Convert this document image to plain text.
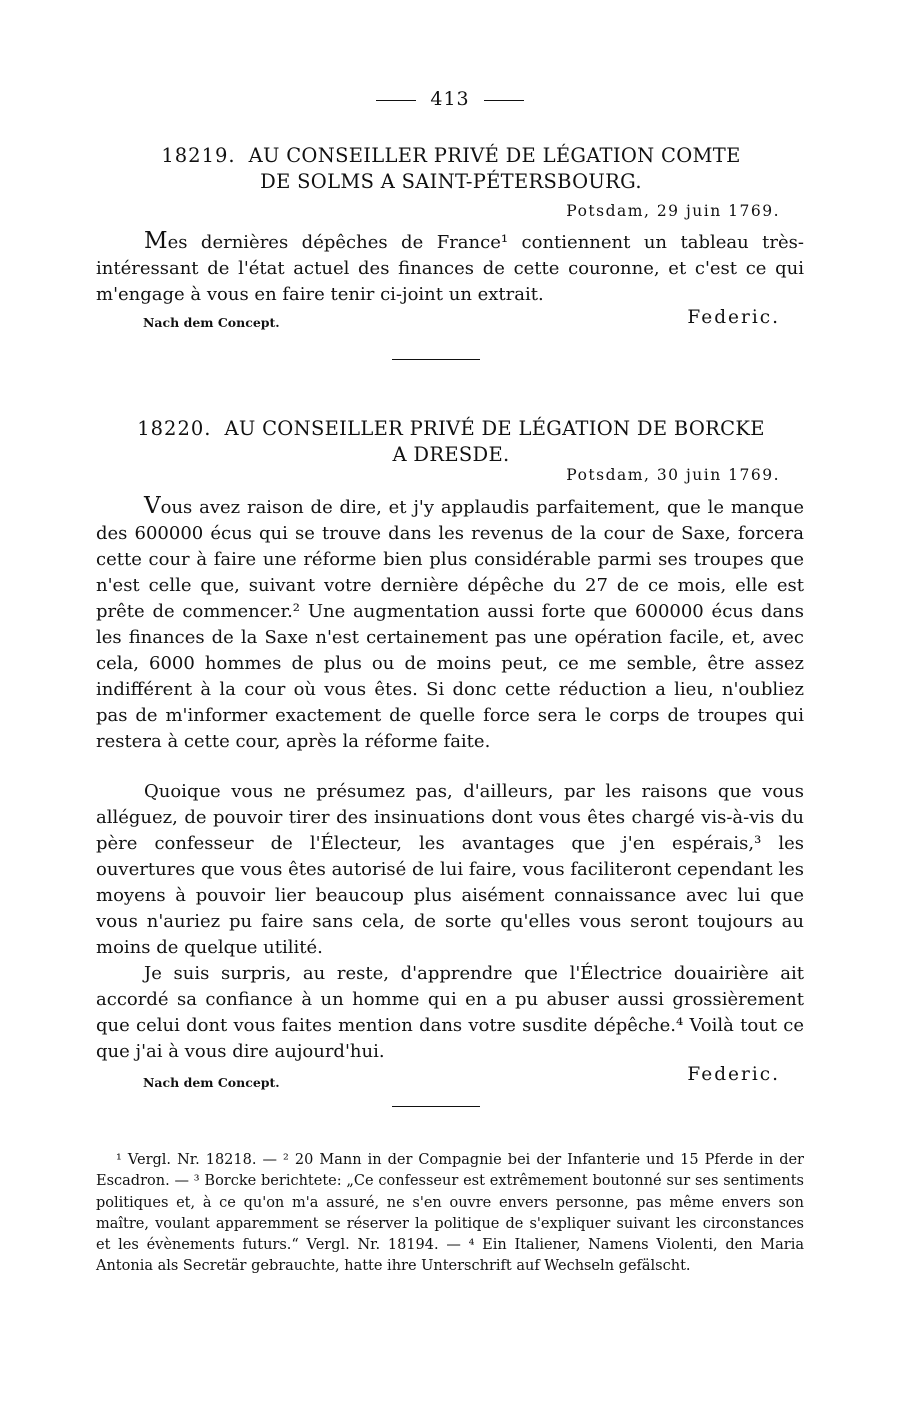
413
18219. AU CONSEILLER PRIVÉ DE LÉGATION COMTE
DE SOLMS A SAINT-PÉTERSBOURG.
Potsdam, 29 juin 1769.

Mes dernières dépêches de France¹ contiennent un tableau très-intéressant de l'état actuel des finances de cette couronne, et c'est ce qui m'engage à vous en faire tenir ci-joint un extrait.

Nach dem Concept.	Federic.
18220. AU CONSEILLER PRIVÉ DE LÉGATION DE BORCKE
A DRESDE.
Potsdam, 30 juin 1769.

Vous avez raison de dire, et j'y applaudis parfaitement, que le manque des 600000 écus qui se trouve dans les revenus de la cour de Saxe, forcera cette cour à faire une réforme bien plus considérable parmi ses troupes que n'est celle que, suivant votre dernière dépêche du 27 de ce mois, elle est prête de commencer.² Une augmentation aussi forte que 600000 écus dans les finances de la Saxe n'est certainement pas une opération facile, et, avec cela, 6000 hommes de plus ou de moins peut, ce me semble, être assez indifférent à la cour où vous êtes. Si donc cette réduction a lieu, n'oubliez pas de m'informer exactement de quelle force sera le corps de troupes qui restera à cette cour, après la réforme faite.

Quoique vous ne présumez pas, d'ailleurs, par les raisons que vous alléguez, de pouvoir tirer des insinuations dont vous êtes chargé vis-à-vis du père confesseur de l'Électeur, les avantages que j'en espérais,³ les ouvertures que vous êtes autorisé de lui faire, vous faciliteront cependant les moyens à pouvoir lier beaucoup plus aisément connaissance avec lui que vous n'auriez pu faire sans cela, de sorte qu'elles vous seront toujours au moins de quelque utilité.

Je suis surpris, au reste, d'apprendre que l'Électrice douairière ait accordé sa confiance à un homme qui en a pu abuser aussi grossièrement que celui dont vous faites mention dans votre susdite dépêche.⁴ Voilà tout ce que j'ai à vous dire aujourd'hui.

Nach dem Concept.	Federic.

¹ Vergl. Nr. 18218. — ² 20 Mann in der Compagnie bei der Infanterie und 15 Pferde in der Escadron. — ³ Borcke berichtete: „Ce confesseur est extrêmement boutonné sur ses sentiments politiques et, à ce qu'on m'a assuré, ne s'en ouvre envers personne, pas même envers son maître, voulant apparemment se réserver la politique de s'expliquer suivant les circonstances et les évènements futurs.“ Vergl. Nr. 18194. — ⁴ Ein Italiener, Namens Violenti, den Maria Antonia als Secretär gebrauchte, hatte ihre Unterschrift auf Wechseln gefälscht.
